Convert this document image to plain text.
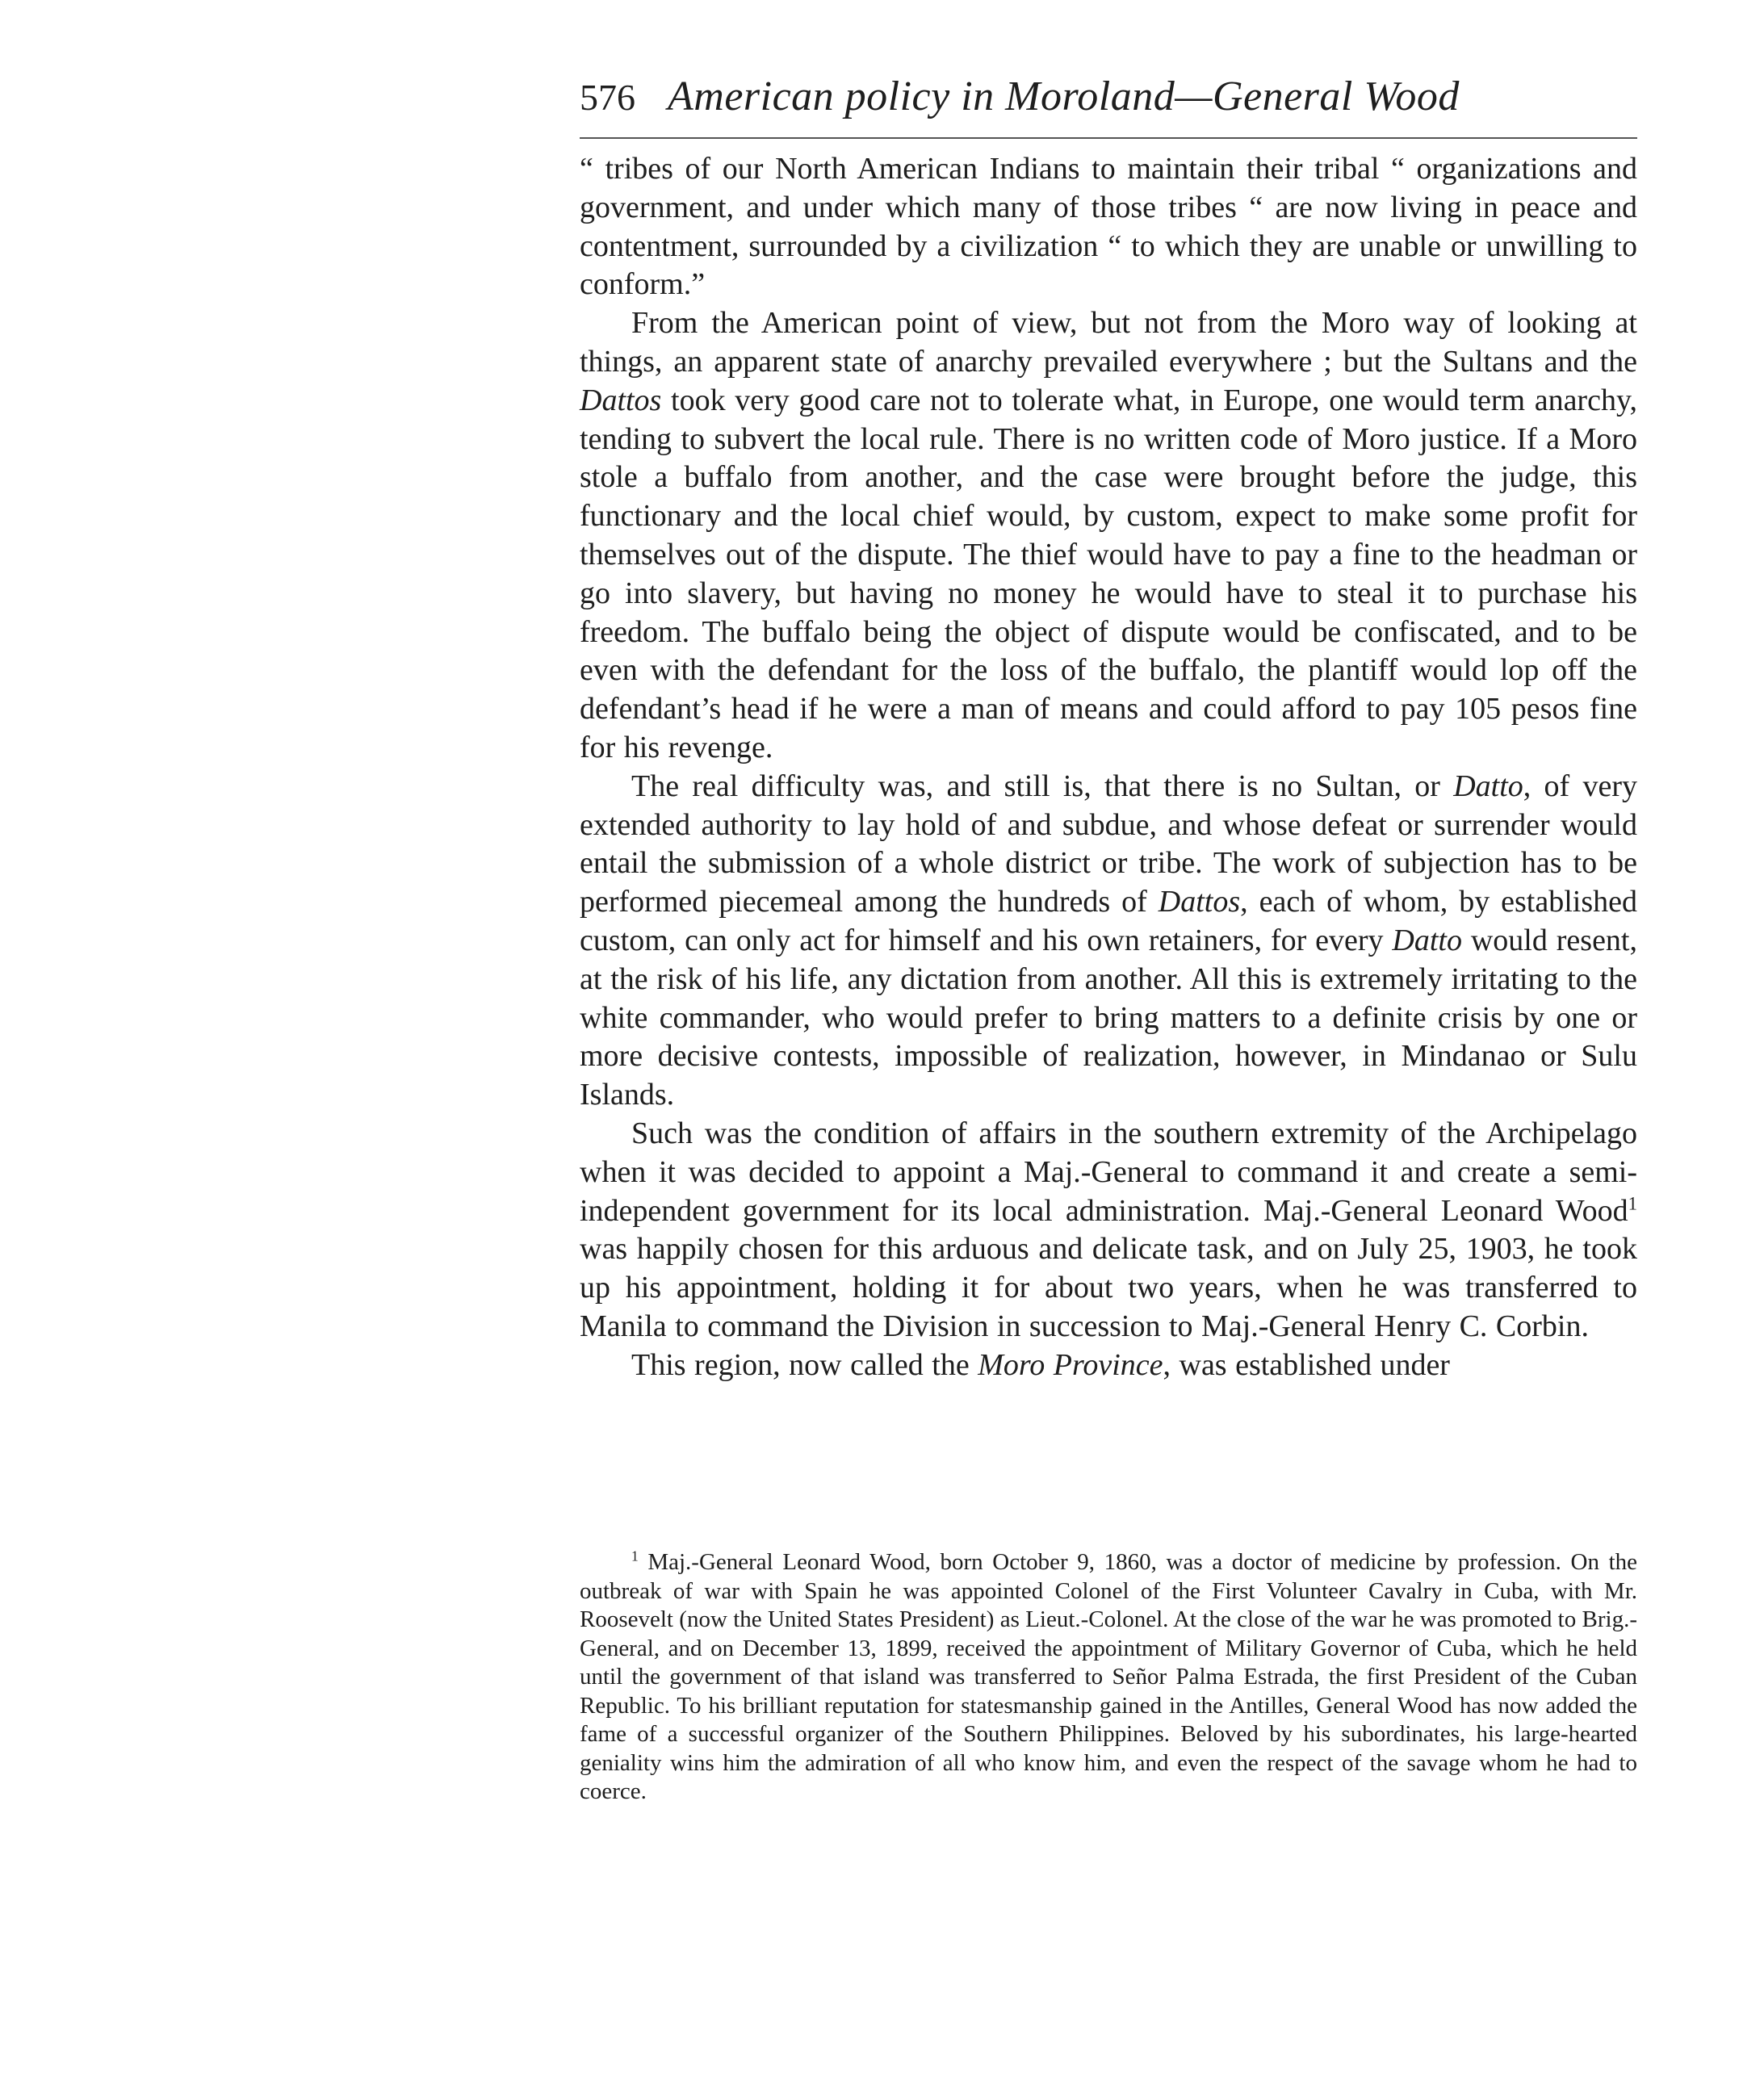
576 American policy in Moroland—General Wood

“ tribes of our North American Indians to maintain their tribal “ organizations and government, and under which many of those tribes “ are now living in peace and contentment, surrounded by a civilization “ to which they are unable or unwilling to conform.”

From the American point of view, but not from the Moro way of looking at things, an apparent state of anarchy prevailed everywhere ; but the Sultans and the Dattos took very good care not to tolerate what, in Europe, one would term anarchy, tending to subvert the local rule. There is no written code of Moro justice. If a Moro stole a buffalo from another, and the case were brought before the judge, this functionary and the local chief would, by custom, expect to make some profit for themselves out of the dispute. The thief would have to pay a fine to the headman or go into slavery, but having no money he would have to steal it to purchase his freedom. The buffalo being the object of dispute would be confiscated, and to be even with the defendant for the loss of the buffalo, the plantiff would lop off the defendant’s head if he were a man of means and could afford to pay 105 pesos fine for his revenge.

The real difficulty was, and still is, that there is no Sultan, or Datto, of very extended authority to lay hold of and subdue, and whose defeat or surrender would entail the submission of a whole district or tribe. The work of subjection has to be performed piecemeal among the hundreds of Dattos, each of whom, by established custom, can only act for himself and his own retainers, for every Datto would resent, at the risk of his life, any dictation from another. All this is extremely irritating to the white commander, who would prefer to bring matters to a definite crisis by one or more decisive contests, impossible of realization, however, in Mindanao or Sulu Islands.

Such was the condition of affairs in the southern extremity of the Archipelago when it was decided to appoint a Maj.-General to command it and create a semi-independent government for its local administration. Maj.-General Leonard Wood$^1$ was happily chosen for this arduous and delicate task, and on July 25, 1903, he took up his appointment, holding it for about two years, when he was transferred to Manila to command the Division in succession to Maj.-General Henry C. Corbin.

This region, now called the Moro Province, was established under

$^1$ Maj.-General Leonard Wood, born October 9, 1860, was a doctor of medicine by profession. On the outbreak of war with Spain he was appointed Colonel of the First Volunteer Cavalry in Cuba, with Mr. Roosevelt (now the United States President) as Lieut.-Colonel. At the close of the war he was promoted to Brig.-General, and on December 13, 1899, received the appointment of Military Governor of Cuba, which he held until the government of that island was transferred to Señor Palma Estrada, the first President of the Cuban Republic. To his brilliant reputation for statesmanship gained in the Antilles, General Wood has now added the fame of a successful organizer of the Southern Philippines. Beloved by his subordinates, his large-hearted geniality wins him the admiration of all who know him, and even the respect of the savage whom he had to coerce.
